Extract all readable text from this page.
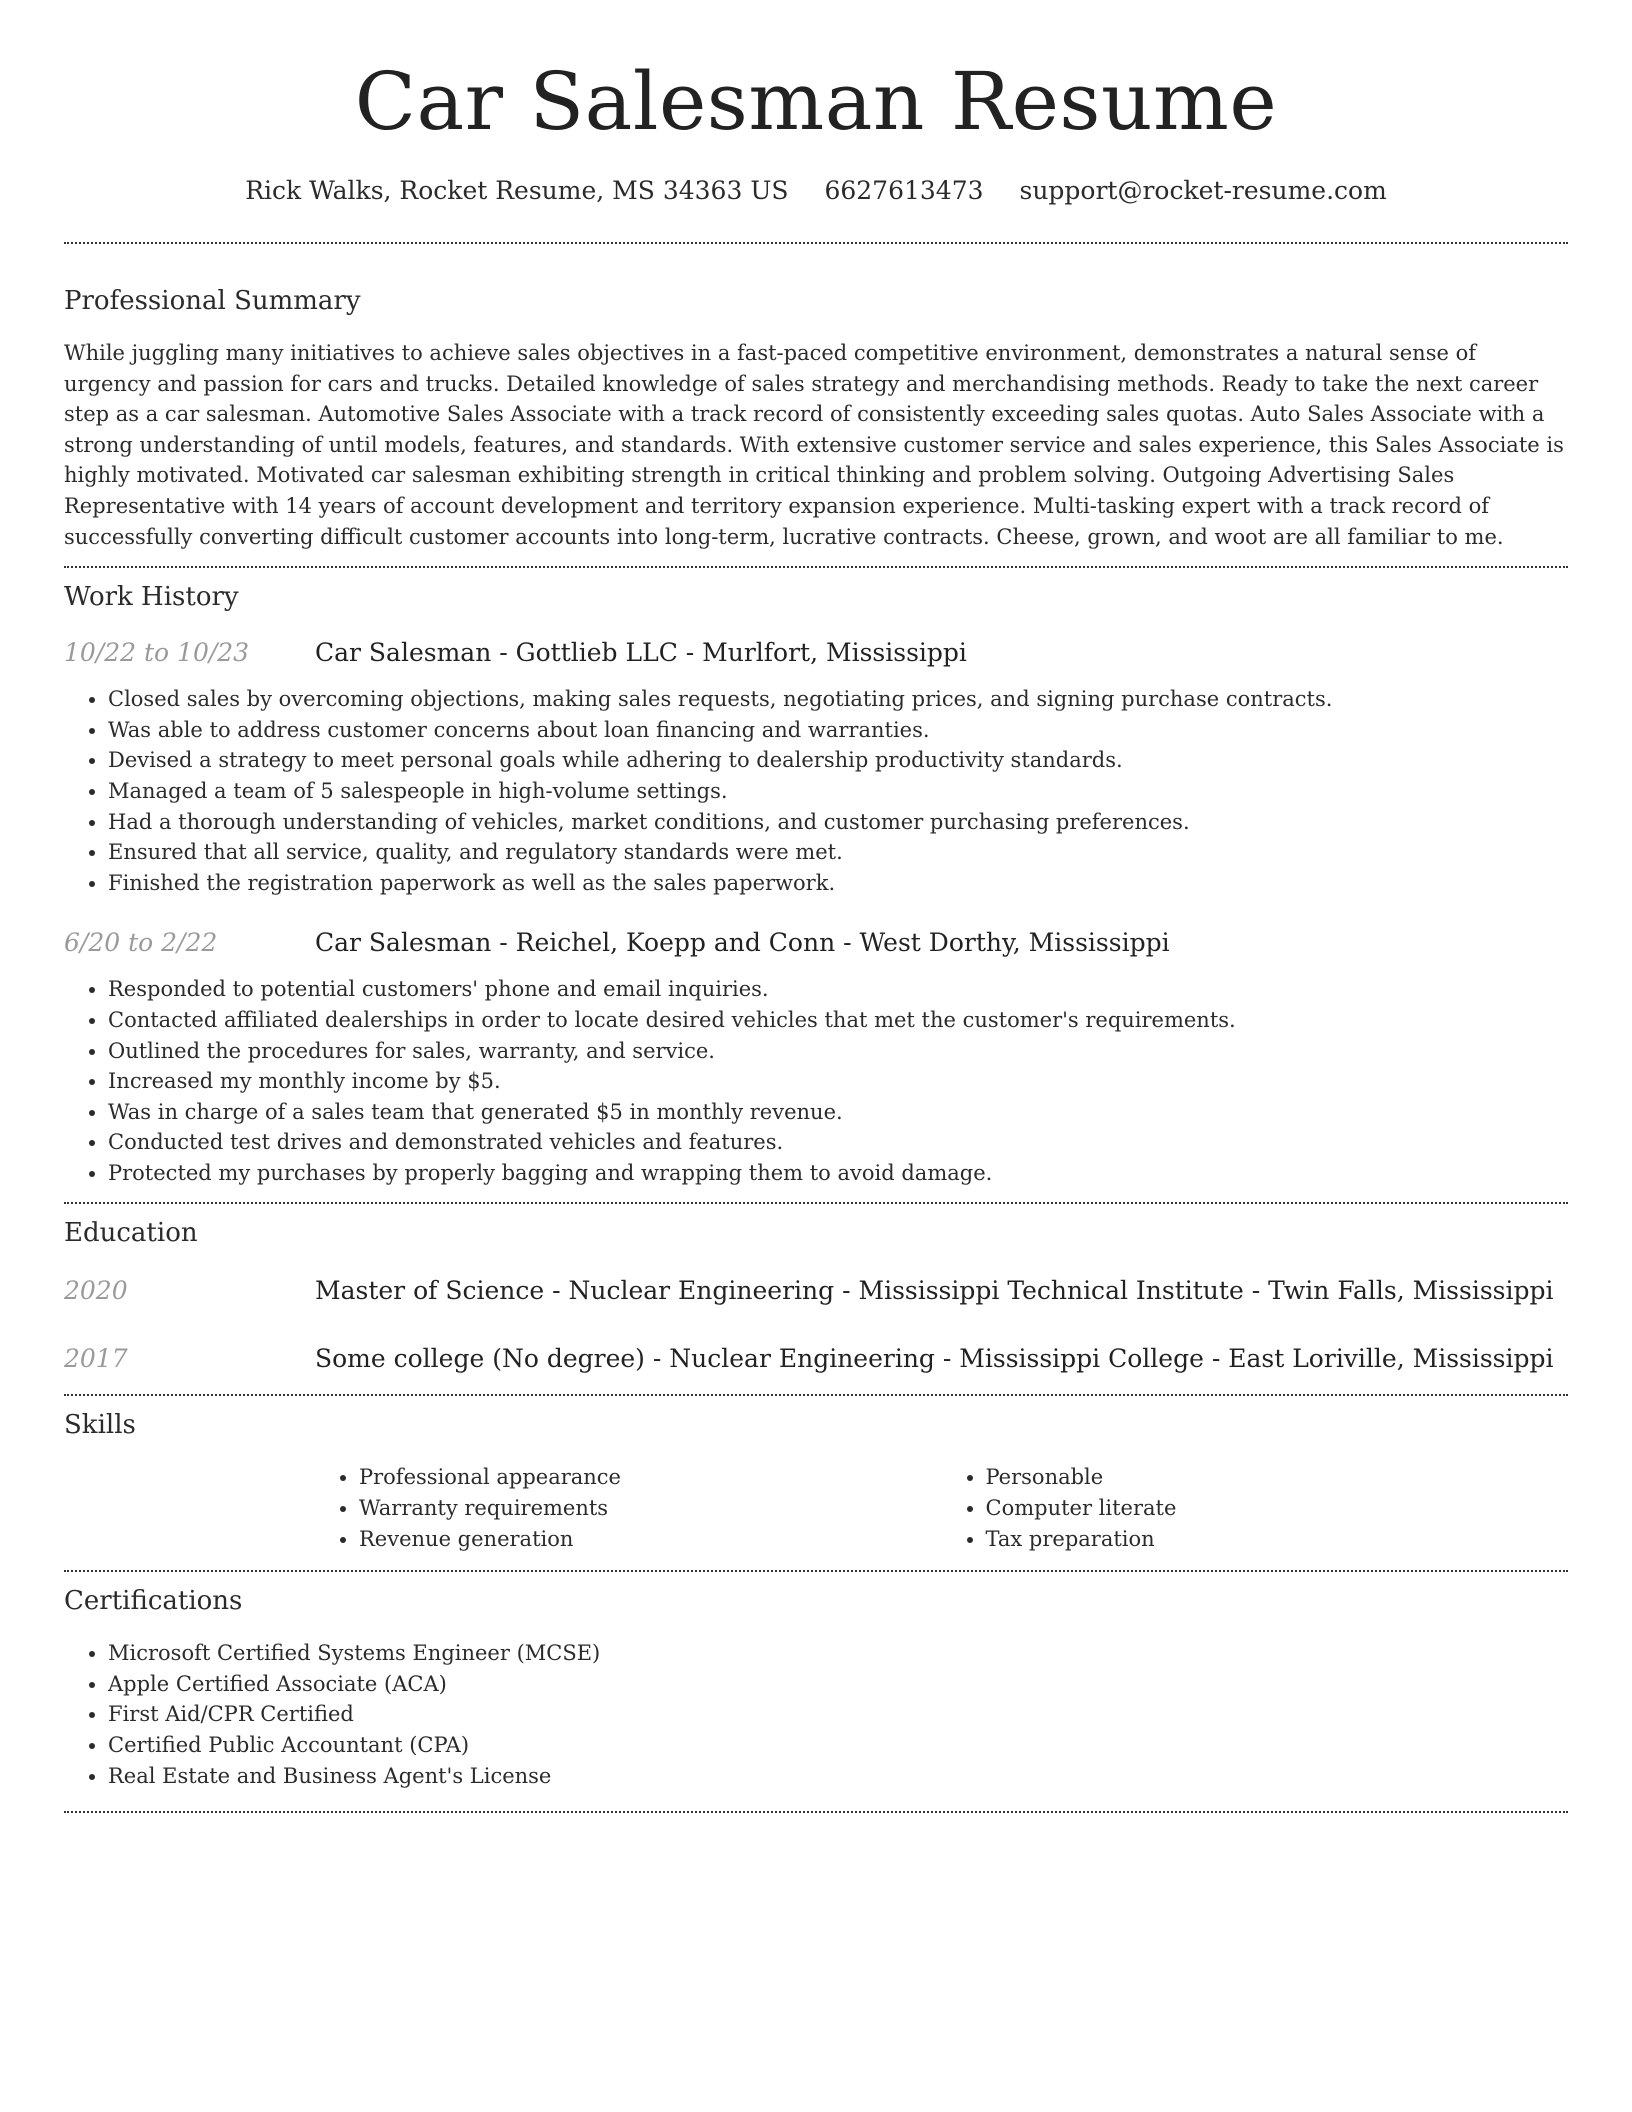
Car Salesman Resume
Rick Walks, Rocket Resume, MS 34363 US 6627613473 support@rocket-resume.com
Professional Summary

While juggling many initiatives to achieve sales objectives in a fast-paced competitive environment, demonstrates a natural sense of urgency and passion for cars and trucks. Detailed knowledge of sales strategy and merchandising methods. Ready to take the next career step as a car salesman. Automotive Sales Associate with a track record of consistently exceeding sales quotas. Auto Sales Associate with a strong understanding of until models, features, and standards. With extensive customer service and sales experience, this Sales Associate is highly motivated. Motivated car salesman exhibiting strength in critical thinking and problem solving. Outgoing Advertising Sales Representative with 14 years of account development and territory expansion experience. Multi-tasking expert with a track record of successfully converting difficult customer accounts into long-term, lucrative contracts. Cheese, grown, and woot are all familiar to me.

Work History
10/22 to 10/23	Car Salesman - Gottlieb LLC - Murlfort, Mississippi
• Closed sales by overcoming objections, making sales requests, negotiating prices, and signing purchase contracts.
• Was able to address customer concerns about loan financing and warranties.
• Devised a strategy to meet personal goals while adhering to dealership productivity standards.
• Managed a team of 5 salespeople in high-volume settings.
• Had a thorough understanding of vehicles, market conditions, and customer purchasing preferences.
• Ensured that all service, quality, and regulatory standards were met.
• Finished the registration paperwork as well as the sales paperwork.
6/20 to 2/22	Car Salesman - Reichel, Koepp and Conn - West Dorthy, Mississippi
• Responded to potential customers' phone and email inquiries.
• Contacted affiliated dealerships in order to locate desired vehicles that met the customer's requirements.
• Outlined the procedures for sales, warranty, and service.
• Increased my monthly income by $5.
• Was in charge of a sales team that generated $5 in monthly revenue.
• Conducted test drives and demonstrated vehicles and features.
• Protected my purchases by properly bagging and wrapping them to avoid damage.
Education
2020	Master of Science - Nuclear Engineering - Mississippi Technical Institute - Twin Falls, Mississippi
2017	Some college (No degree) - Nuclear Engineering - Mississippi College - East Loriville, Mississippi
Skills
• Professional appearance
• Warranty requirements
• Revenue generation
• Personable
• Computer literate
• Tax preparation
Certifications
• Microsoft Certified Systems Engineer (MCSE)
• Apple Certified Associate (ACA)
• First Aid/CPR Certified
• Certified Public Accountant (CPA)
• Real Estate and Business Agent's License
